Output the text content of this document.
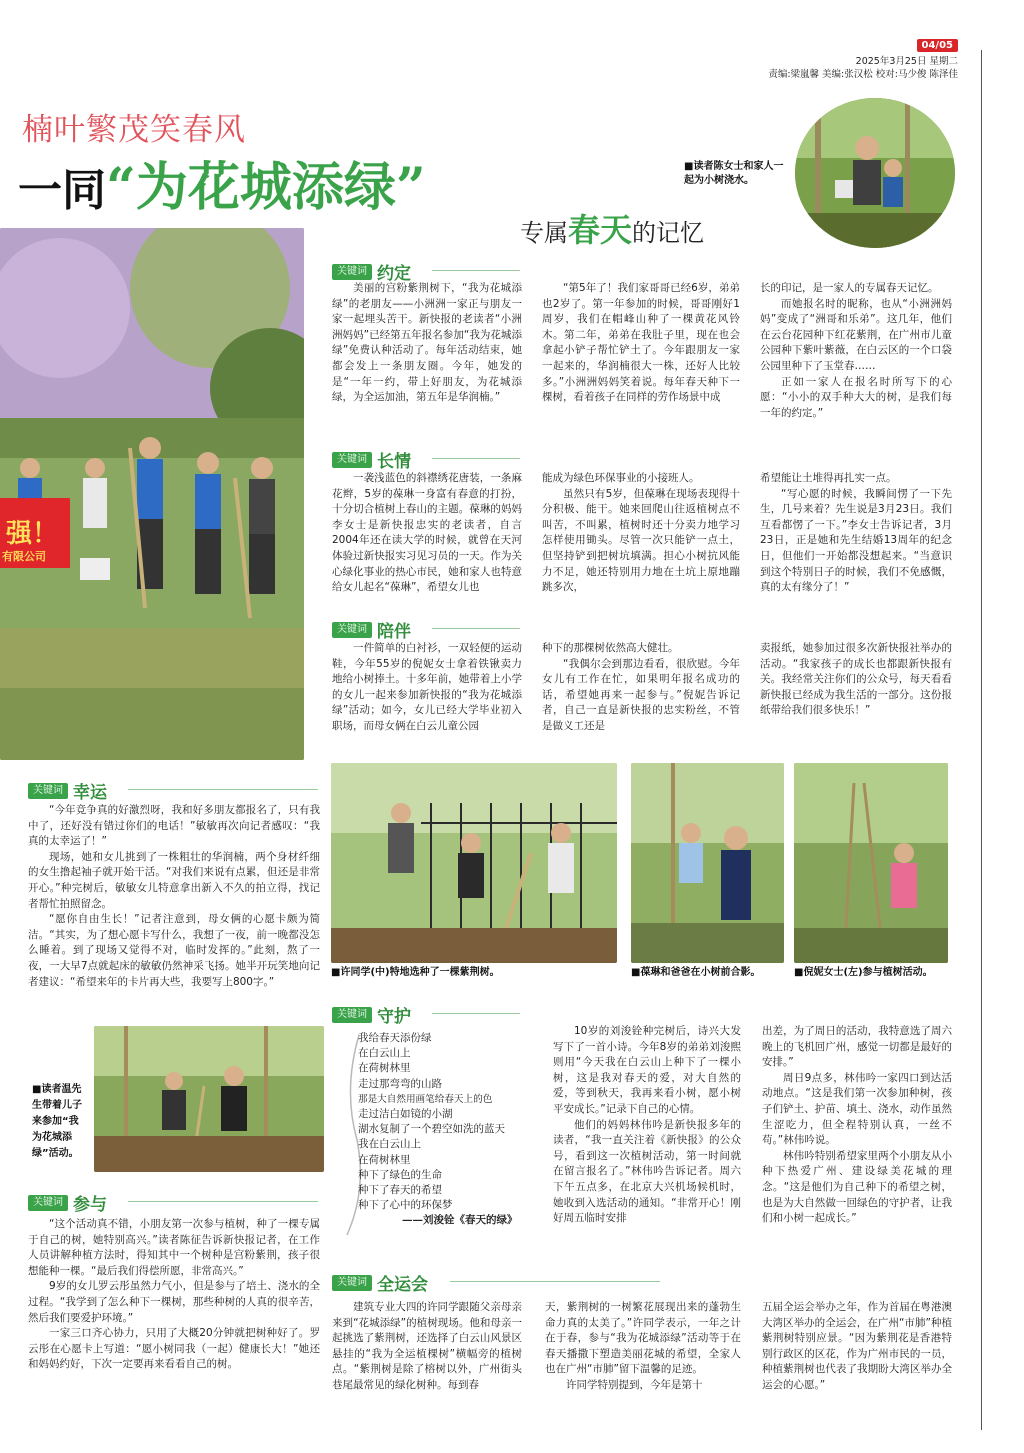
04/05
2025年3月25日 星期二
责编:梁嵐馨 美编:张汉松 校对:马少俊 陈泽佳
楠叶繁茂笑春风
一同“为花城添绿”
专属春天的记忆
■读者陈女士和家人一起为小树浇水。
强！
有限公司
关键词 约定

美丽的宫粉紫荆树下，“我为花城添绿”的老朋友——小洲洲一家正与朋友一家一起埋头苦干。新快报的老读者“小洲洲妈妈”已经第五年报名参加“我为花城添绿”免费认种活动了。每年活动结束，她都会发上一条朋友圈。今年，她发的是“一年一约，带上好朋友，为花城添绿，为全运加油，第五年是华润楠。”

“第5年了！我们家哥哥已经6岁，弟弟也2岁了。第一年参加的时候，哥哥刚好1周岁，我们在帽峰山种了一棵黄花风铃木。第二年，弟弟在我肚子里，现在也会拿起小铲子帮忙铲土了。今年跟朋友一家一起来的，华润楠很大一株，还好人比较多。”小洲洲妈妈笑着说。每年春天种下一棵树，看着孩子在同样的劳作场景中成

长的印记，是一家人的专属春天记忆。

而她报名时的昵称，也从“小洲洲妈妈”变成了“洲哥和乐弟”。这几年，他们在云台花园种下红花紫荆，在广州市儿童公园种下紫叶紫薇，在白云区的一个口袋公园里种下了玉堂春……

正如一家人在报名时所写下的心愿：“小小的双手种大大的树，是我们每一年的约定。”

关键词 长情

一袭浅蓝色的斜襟绣花唐装，一条麻花辫，5岁的葆琳一身富有春意的打扮，十分切合植树上春山的主题。葆琳的妈妈李女士是新快报忠实的老读者，自言2004年还在读大学的时候，就曾在天河体验过新快报实习见习员的一天。作为关心绿化事业的热心市民，她和家人也特意给女儿起名“葆琳”，希望女儿也

能成为绿色环保事业的小接班人。

虽然只有5岁，但葆琳在现场表现得十分积极、能干。她来回爬山往返植树点不叫苦，不叫累，植树时还十分卖力地学习怎样使用锄头。尽管一次只能铲一点土，但坚持铲到把树坑填满。担心小树抗风能力不足，她还特别用力地在土坑上原地蹦跳多次，

希望能让土堆得再扎实一点。

“写心愿的时候，我瞬间愣了一下先生，几号来着？先生说是3月23日。我们互看都愣了一下。”李女士告诉记者，3月23日，正是她和先生结婚13周年的纪念日，但他们一开始都没想起来。“当意识到这个特别日子的时候，我们不免感慨，真的太有缘分了！”

关键词 陪伴

一件简单的白衬衫，一双轻便的运动鞋，今年55岁的倪妮女士拿着铁锹卖力地给小树捧土。十多年前，她带着上小学的女儿一起来参加新快报的“我为花城添绿”活动；如今，女儿已经大学毕业初入职场，而母女俩在白云儿童公园

种下的那棵树依然高大健壮。

“我偶尔会到那边看看，很欣慰。今年女儿有工作在忙，如果明年报名成功的话，希望她再来一起参与。”倪妮告诉记者，自己一直是新快报的忠实粉丝，不管是做义工还是

卖报纸，她参加过很多次新快报社举办的活动。“我家孩子的成长也都跟新快报有关。我经常关注你们的公众号，每天看看新快报已经成为我生活的一部分。这份报纸带给我们很多快乐！”

关键词 幸运

“今年竞争真的好激烈呀，我和好多朋友都报名了，只有我中了，还好没有错过你们的电话！”敏敏再次向记者感叹：“我真的太幸运了！”

现场，她和女儿挑到了一株粗壮的华润楠，两个身材纤细的女生撸起袖子就开始干活。“对我们来说有点累，但还是非常开心。”种完树后，敏敏女儿特意拿出新入不久的拍立得，找记者帮忙拍照留念。

“愿你自由生长！”记者注意到，母女俩的心愿卡颇为简洁。“其实，为了想心愿卡写什么，我想了一夜，前一晚都没怎么睡着。到了现场又觉得不对，临时发挥的。”此刻，熬了一夜，一大早7点就起床的敏敏仍然神采飞扬。她半开玩笑地向记者建议：“希望来年的卡片再大些，我要写上800字。”

■读者温先生带着儿子来参加“我为花城添绿”活动。
关键词 参与

“这个活动真不错，小朋友第一次参与植树，种了一棵专属于自己的树，她特别高兴。”读者陈征告诉新快报记者，在工作人员讲解种植方法时，得知其中一个树种是宫粉紫荆，孩子很想能种一棵。“最后我们得偿所愿，非常高兴。”

9岁的女儿罗云彤虽然力气小，但是参与了培土、浇水的全过程。“我学到了怎么种下一棵树，那些种树的人真的很辛苦，然后我们要爱护环境。”

一家三口齐心协力，只用了大概20分钟就把树种好了。罗云彤在心愿卡上写道：“愿小树同我（一起）健康长大！”她还和妈妈约好，下次一定要再来看看自己的树。

■许同学(中)特地选种了一棵紫荆树。	■葆琳和爸爸在小树前合影。	■倪妮女士(左)参与植树活动。
关键词 守护
我给春天添份绿
在白云山上
在荷树林里
走过那弯弯的山路
那是大自然用画笔给春天上的色
走过洁白如镜的小湖
湖水复制了一个碧空如洗的蓝天
我在白云山上
在荷树林里
种下了绿色的生命
种下了春天的希望
种下了心中的环保梦
——刘浚铨《春天的绿》

10岁的刘浚铨种完树后，诗兴大发写下了一首小诗。今年8岁的弟弟刘浚熙则用“今天我在白云山上种下了一棵小树，这是我对春天的爱，对大自然的爱，等到秋天，我再来看小树，愿小树平安成长。”记录下自己的心情。

他们的妈妈林伟吟是新快报多年的读者，“我一直关注着《新快报》的公众号，看到这一次植树活动，第一时间就在留言报名了。”林伟吟告诉记者。周六下午五点多，在北京大兴机场候机时，她收到入选活动的通知。“非常开心！刚好周五临时安排

出差，为了周日的活动，我特意选了周六晚上的飞机回广州，感觉一切都是最好的安排。”

周日9点多，林伟吟一家四口到达活动地点。“这是我们第一次参加种树，孩子们铲土、护苗、填土、浇水，动作虽然生涩吃力，但全程特别认真，一丝不苟。”林伟吟说。

林伟吟特别希望家里两个小朋友从小种下热爱广州、建设绿美花城的理念。“这是他们为自己种下的希望之树，也是为大自然做一回绿色的守护者，让我们和小树一起成长。”

关键词 全运会

建筑专业大四的许同学跟随父亲母亲来到“花城添绿”的植树现场。他和母亲一起挑选了紫荆树，还选择了白云山风景区悬挂的“我为全运植棵树”横幅旁的植树点。“紫荆树是除了榕树以外，广州街头巷尾最常见的绿化树种。每到春

天，紫荆树的一树繁花展现出来的蓬勃生命力真的太美了。”许同学表示，一年之计在于春，参与“我为花城添绿”活动等于在春天播撒下塑造美丽花城的希望，全家人也在广州“市肺”留下温馨的足迹。

许同学特别提到，今年是第十

五届全运会举办之年，作为首届在粤港澳大湾区举办的全运会，在广州“市肺”种植紫荆树特别应景。“因为紫荆花是香港特别行政区的区花，作为广州市民的一员，种植紫荆树也代表了我期盼大湾区举办全运会的心愿。”
